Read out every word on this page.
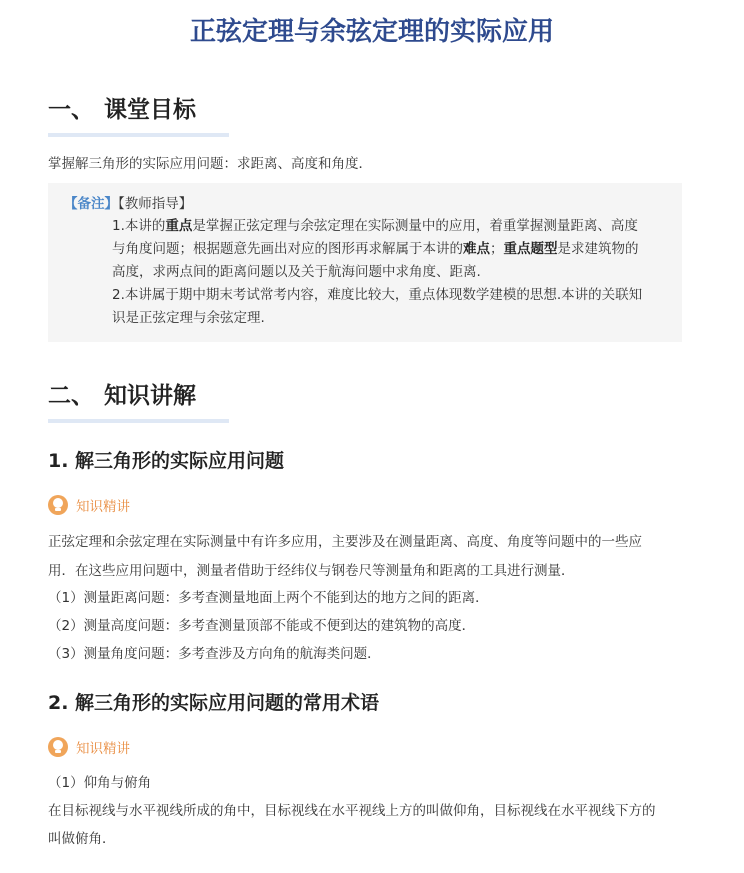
正弦定理与余弦定理的实际应用
一、 课堂目标
掌握解三角形的实际应用问题：求距离、高度和角度．
【备注】【教师指导】
1.本讲的重点是掌握正弦定理与余弦定理在实际测量中的应用，着重掌握测量距离、高度
与角度问题；根据题意先画出对应的图形再求解属于本讲的难点；重点题型是求建筑物的
高度，求两点间的距离问题以及关于航海问题中求角度、距离.
2.本讲属于期中期末考试常考内容，难度比较大，重点体现数学建模的思想.本讲的关联知
识是正弦定理与余弦定理.
二、 知识讲解
1. 解三角形的实际应用问题
知识精讲
正弦定理和余弦定理在实际测量中有许多应用，主要涉及在测量距离、高度、角度等问题中的一些应
用．在这些应用问题中，测量者借助于经纬仪与钢卷尺等测量角和距离的工具进行测量．
（1）测量距离问题：多考查测量地面上两个不能到达的地方之间的距离．
（2）测量高度问题：多考查测量顶部不能或不便到达的建筑物的高度．
（3）测量角度问题：多考查涉及方向角的航海类问题．
2. 解三角形的实际应用问题的常用术语
知识精讲
（1）仰角与俯角
在目标视线与水平视线所成的角中，目标视线在水平视线上方的叫做仰角，目标视线在水平视线下方的
叫做俯角．
